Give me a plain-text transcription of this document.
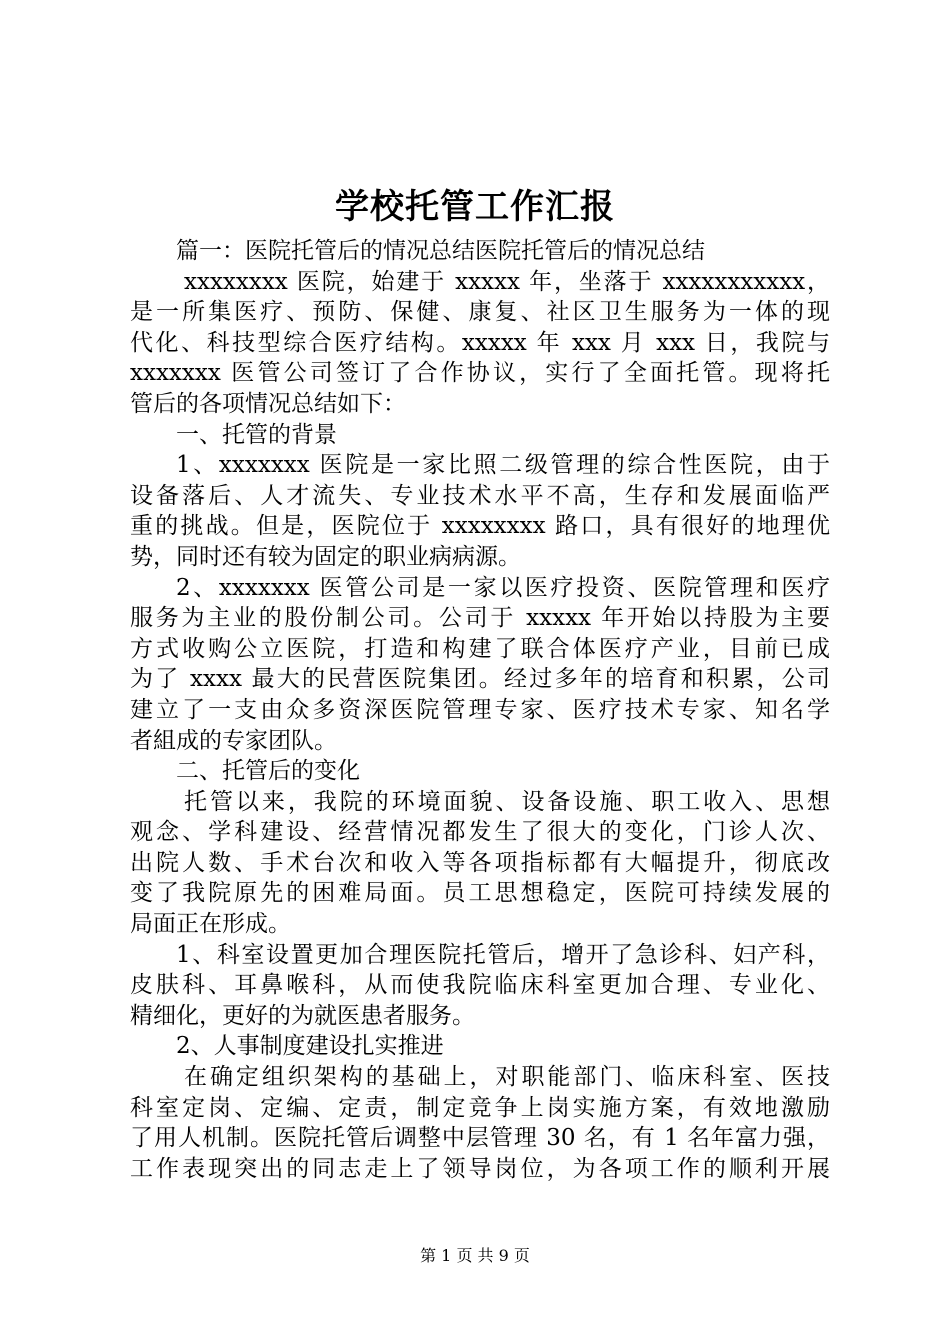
学校托管工作汇报
篇一：医院托管后的情况总结医院托管后的情况总结
xxxxxxxx 医院，始建于 xxxxx 年，坐落于 xxxxxxxxxxx，
是一所集医疗、预防、保健、康复、社区卫生服务为一体的现
代化、科技型综合医疗结构。xxxxx 年 xxx 月 xxx 日，我院与
xxxxxxx 医管公司签订了合作协议，实行了全面托管。现将托
管后的各项情况总结如下：
一、托管的背景
1、xxxxxxx 医院是一家比照二级管理的综合性医院，由于
设备落后、人才流失、专业技术水平不高，生存和发展面临严
重的挑战。但是，医院位于 xxxxxxxx 路口，具有很好的地理优
势，同时还有较为固定的职业病病源。
2、xxxxxxx 医管公司是一家以医疗投资、医院管理和医疗
服务为主业的股份制公司。公司于 xxxxx 年开始以持股为主要
方式收购公立医院，打造和构建了联合体医疗产业，目前已成
为了 xxxx 最大的民营医院集团。经过多年的培育和积累，公司
建立了一支由众多资深医院管理专家、医疗技术专家、知名学
者組成的专家团队。
二、托管后的变化
托管以来，我院的环境面貌、设备设施、职工收入、思想
观念、学科建设、经营情况都发生了很大的变化，门诊人次、
出院人数、手术台次和收入等各项指标都有大幅提升，彻底改
变了我院原先的困难局面。员工思想稳定，医院可持续发展的
局面正在形成。
1、科室设置更加合理医院托管后，增开了急诊科、妇产科，
皮肤科、耳鼻喉科，从而使我院临床科室更加合理、专业化、
精细化，更好的为就医患者服务。
2、人事制度建设扎实推进
在确定组织架构的基础上，对职能部门、临床科室、医技
科室定岗、定编、定责，制定竞争上岗实施方案，有效地激励
了用人机制。医院托管后调整中层管理 30 名，有 1 名年富力强，
工作表现突出的同志走上了领导岗位，为各项工作的顺利开展
第 1 页 共 9 页
